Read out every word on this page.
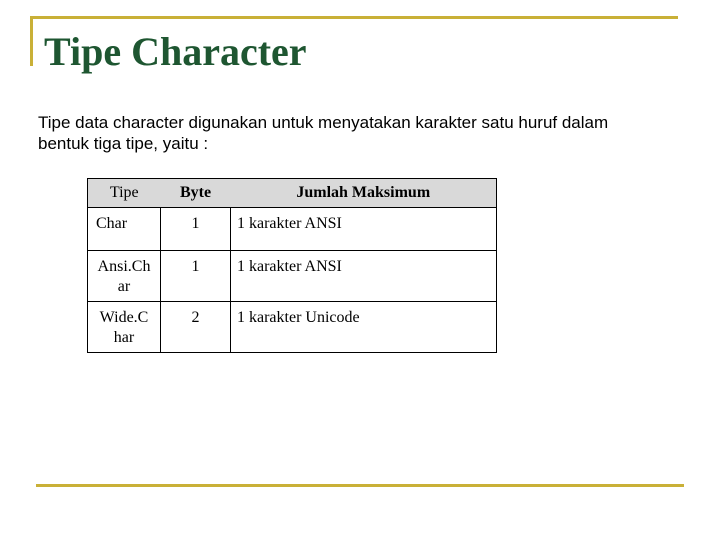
Tipe Character

Tipe data character digunakan untuk menyatakan karakter satu huruf dalam bentuk tiga tipe, yaitu :

Tipe	Byte	Jumlah Maksimum
Char	1	1 karakter ANSI

Ansi.Char	1	1 karakter ANSI

Wide.Char	2	1 karakter Unicode
